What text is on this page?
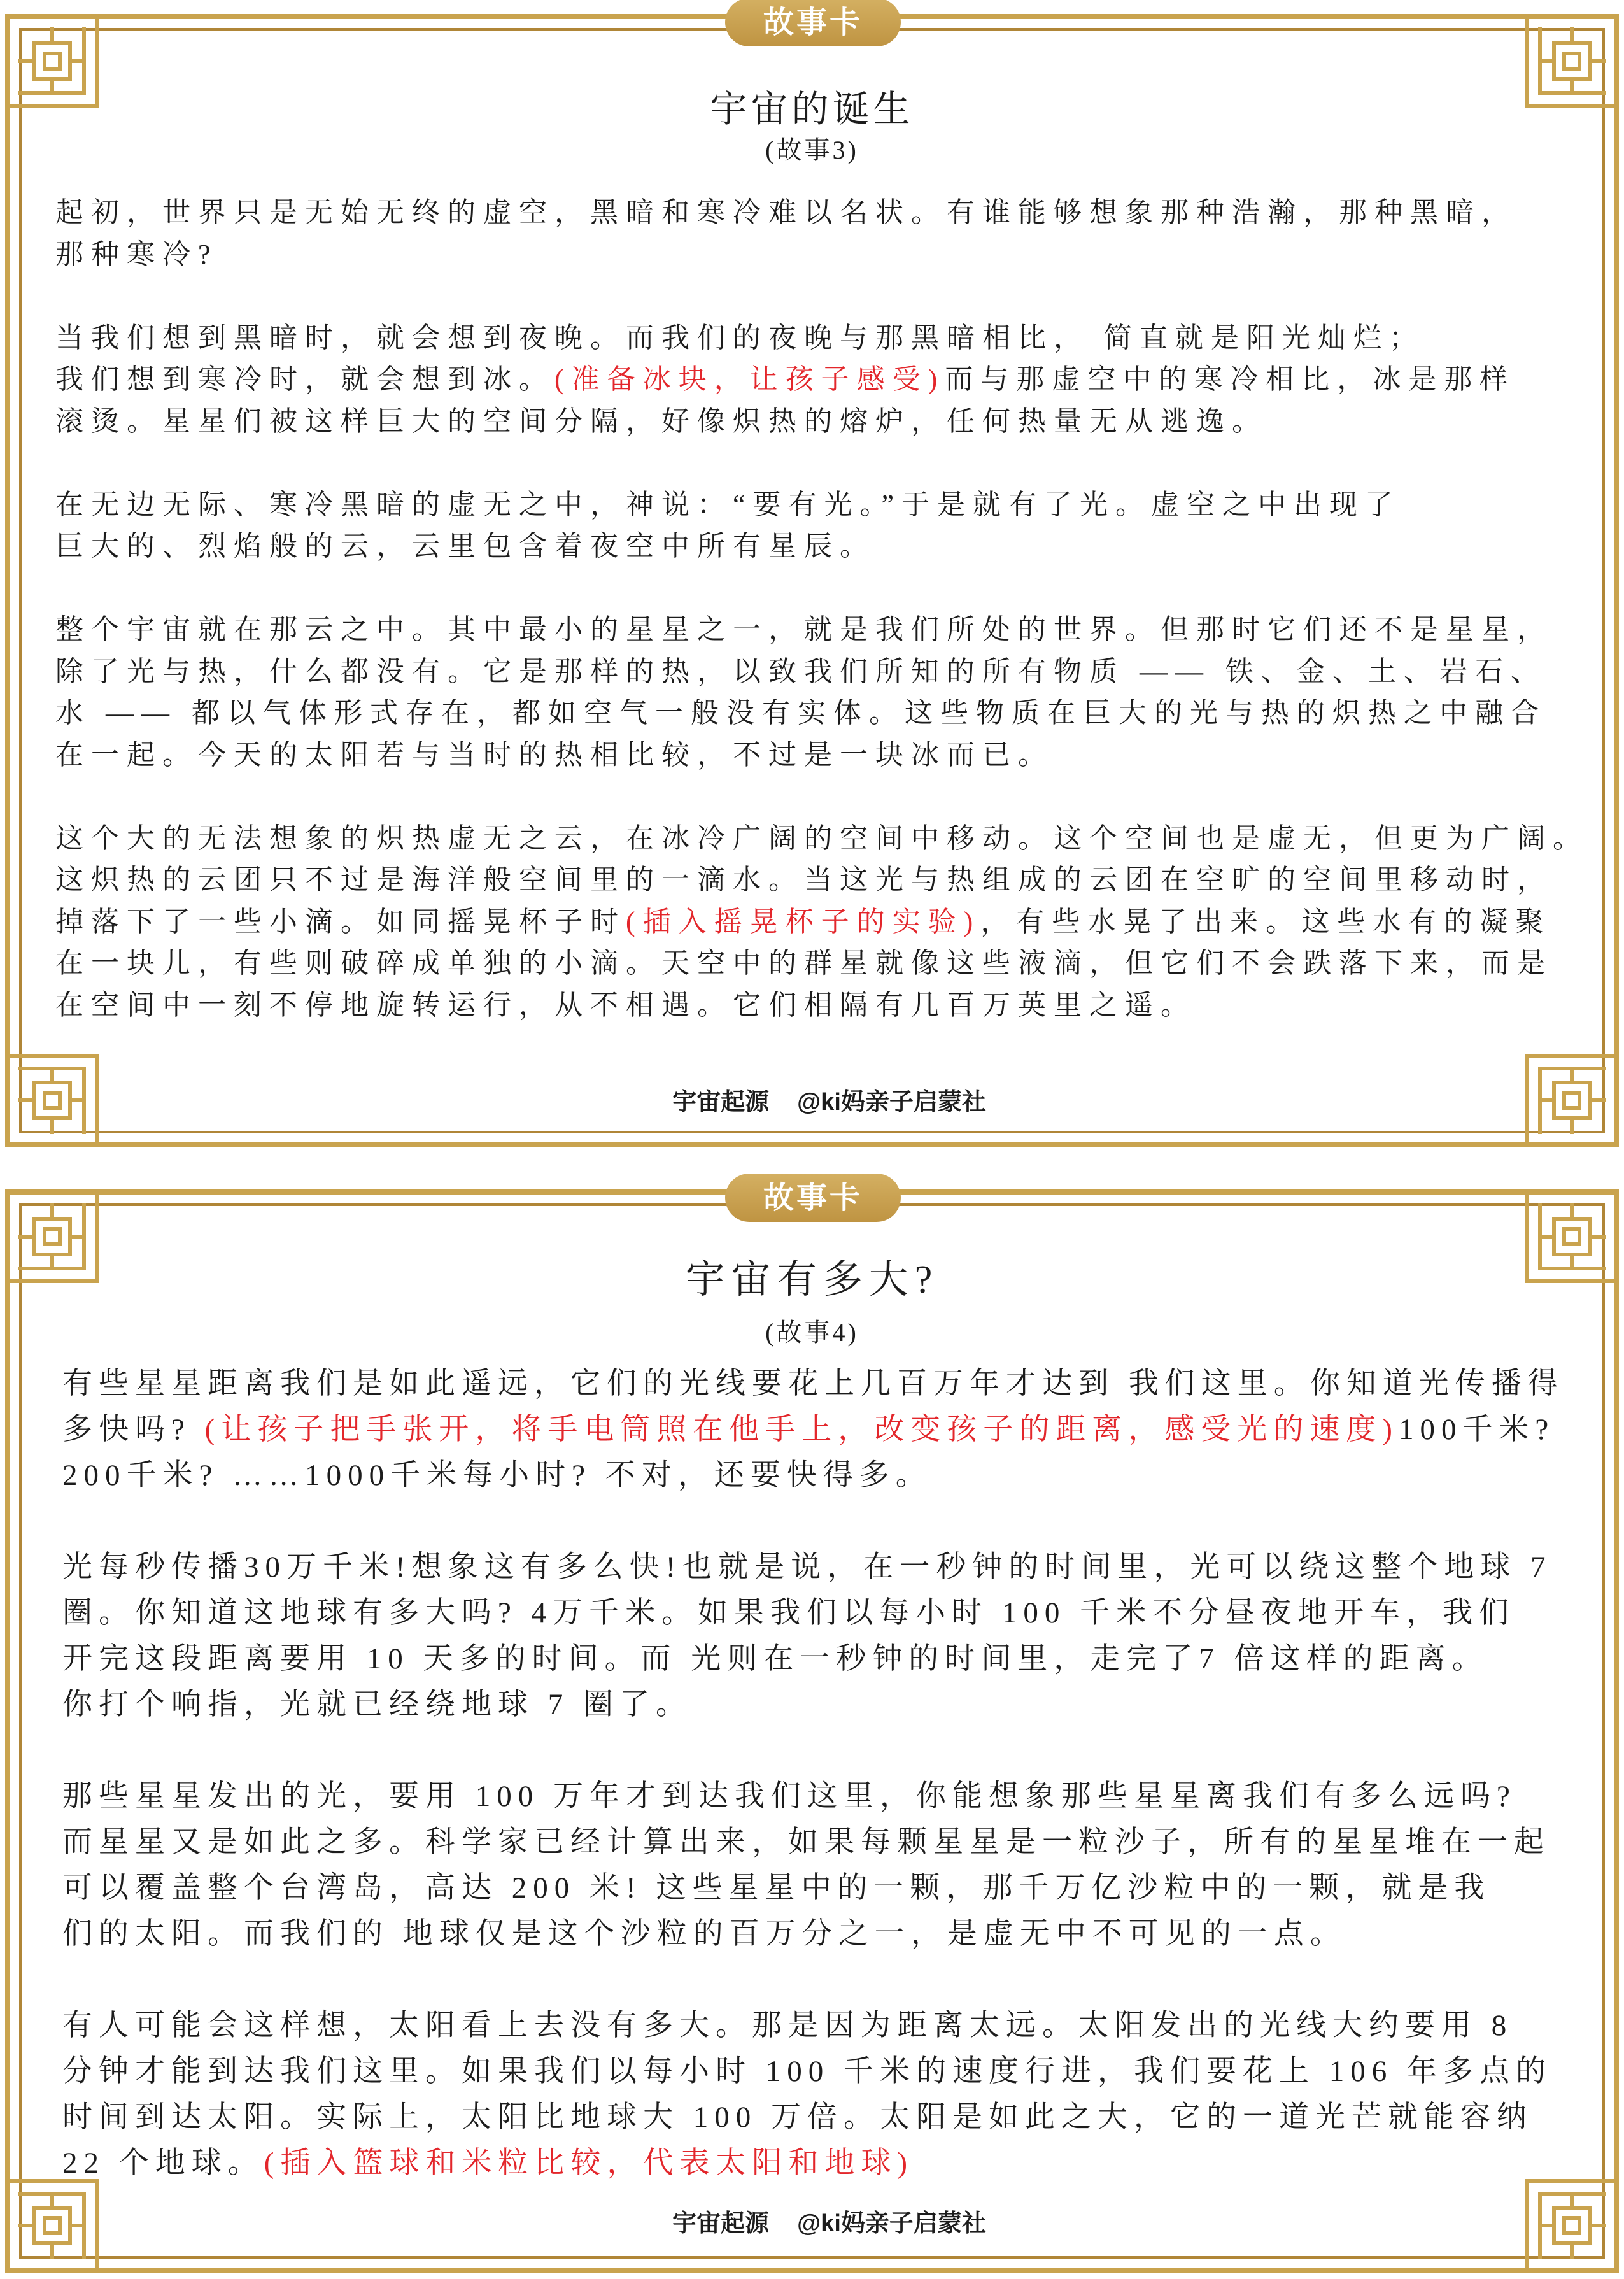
故事卡
宇宙的诞生
(故事3)
起初，世界只是无始无终的虚空，黑暗和寒冷难以名状。有谁能够想象那种浩瀚，那种黑暗，
那种寒冷?
当我们想到黑暗时，就会想到夜晚。而我们的夜晚与那黑暗相比， 简直就是阳光灿烂；
我们想到寒冷时，就会想到冰。(准备冰块，让孩子感受)而与那虚空中的寒冷相比，冰是那样
滚烫。星星们被这样巨大的空间分隔，好像炽热的熔炉，任何热量无从逃逸。
在无边无际、寒冷黑暗的虚无之中，神说：“要有光。”于是就有了光。虚空之中出现了
巨大的、烈焰般的云，云里包含着夜空中所有星辰。
整个宇宙就在那云之中。其中最小的星星之一，就是我们所处的世界。但那时它们还不是星星，
除了光与热，什么都没有。它是那样的热，以致我们所知的所有物质 —— 铁、金、土、岩石、
水 —— 都以气体形式存在，都如空气一般没有实体。这些物质在巨大的光与热的炽热之中融合
在一起。今天的太阳若与当时的热相比较，不过是一块冰而已。
这个大的无法想象的炽热虚无之云，在冰冷广阔的空间中移动。这个空间也是虚无，但更为广阔。
这炽热的云团只不过是海洋般空间里的一滴水。当这光与热组成的云团在空旷的空间里移动时，
掉落下了一些小滴。如同摇晃杯子时(插入摇晃杯子的实验)，有些水晃了出来。这些水有的凝聚
在一块儿，有些则破碎成单独的小滴。天空中的群星就像这些液滴，但它们不会跌落下来，而是
在空间中一刻不停地旋转运行，从不相遇。它们相隔有几百万英里之遥。
宇宙起源 @ki妈亲子启蒙社
故事卡
宇宙有多大?
(故事4)
有些星星距离我们是如此遥远，它们的光线要花上几百万年才达到 我们这里。你知道光传播得
多快吗? (让孩子把手张开，将手电筒照在他手上，改变孩子的距离，感受光的速度)100千米?
200千米? ……1000千米每小时? 不对，还要快得多。
光每秒传播30万千米!想象这有多么快!也就是说，在一秒钟的时间里，光可以绕这整个地球 7
圈。你知道这地球有多大吗? 4万千米。如果我们以每小时 100 千米不分昼夜地开车，我们
开完这段距离要用 10 天多的时间。而 光则在一秒钟的时间里，走完了7 倍这样的距离。
你打个响指，光就已经绕地球 7 圈了。
那些星星发出的光，要用 100 万年才到达我们这里，你能想象那些星星离我们有多么远吗?
而星星又是如此之多。科学家已经计算出来，如果每颗星星是一粒沙子，所有的星星堆在一起
可以覆盖整个台湾岛，高达 200 米! 这些星星中的一颗，那千万亿沙粒中的一颗，就是我
们的太阳。而我们的 地球仅是这个沙粒的百万分之一，是虚无中不可见的一点。
有人可能会这样想，太阳看上去没有多大。那是因为距离太远。太阳发出的光线大约要用 8
分钟才能到达我们这里。如果我们以每小时 100 千米的速度行进，我们要花上 106 年多点的
时间到达太阳。实际上，太阳比地球大 100 万倍。太阳是如此之大，它的一道光芒就能容纳
22 个地球。(插入篮球和米粒比较，代表太阳和地球)
宇宙起源 @ki妈亲子启蒙社
